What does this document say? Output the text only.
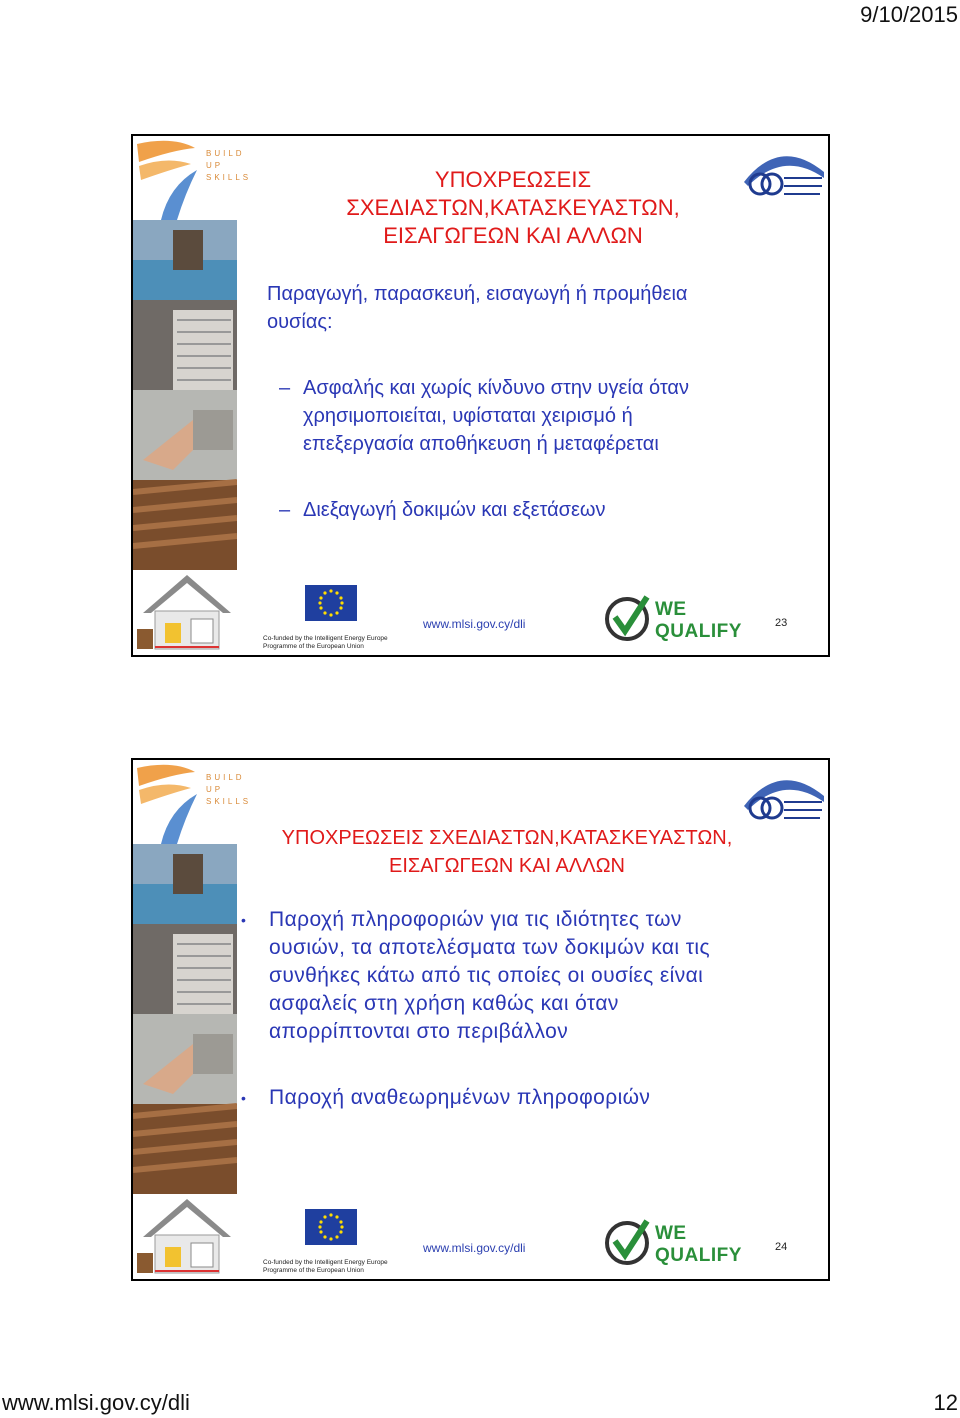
9/10/2015
BUILD UP SKILLS	ΥΠΟΧΡΕΩΣΕΙΣ
ΣΧΕΔΙΑΣΤΩΝ,ΚΑΤΑΣΚΕΥΑΣΤΩΝ,
ΕΙΣΑΓΩΓΕΩΝ ΚΑΙ ΑΛΛΩΝ
Παραγωγή, παρασκευή, εισαγωγή ή προμήθεια
ουσίας:
– Ασφαλής και χωρίς κίνδυνο στην υγεία όταν
χρησιμοποιείται, υφίσταται χειρισμό ή
επεξεργασία αποθήκευση ή μεταφέρεται
– Διεξαγωγή δοκιμών και εξετάσεων
Co-funded by the Intelligent Energy Europe
Programme of the European Union
www.mlsi.gov.cy/dli
WE
QUALIFY	23
BUILD UP SKILLS
ΥΠΟΧΡΕΩΣΕΙΣ ΣΧΕΔΙΑΣΤΩΝ,ΚΑΤΑΣΚΕΥΑΣΤΩΝ,
ΕΙΣΑΓΩΓΕΩΝ ΚΑΙ ΑΛΛΩΝ
• Παροχή πληροφοριών για τις ιδιότητες των
ουσιών, τα αποτελέσματα των δοκιμών και τις
συνθήκες κάτω από τις οποίες οι ουσίες είναι
ασφαλείς στη χρήση καθώς και όταν
απορρίπτονται στο περιβάλλον
• Παροχή αναθεωρημένων πληροφοριών
Co-funded by the Intelligent Energy Europe
Programme of the European Union
www.mlsi.gov.cy/dli
WE
QUALIFY	24
www.mlsi.gov.cy/dli	12
